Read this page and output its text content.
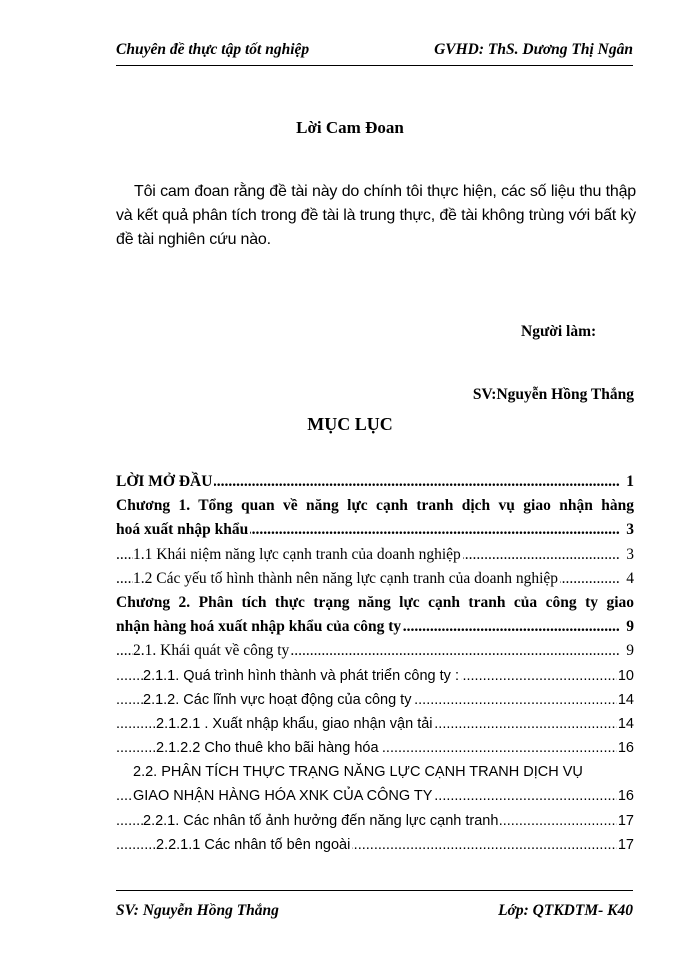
Chuyên đề thực tập tốt nghiệp	GVHD: ThS. Dương Thị Ngân
Lời Cam Đoan

Tôi cam đoan rằng đề tài này do chính tôi thực hiện, các số liệu thu thập và kết quả phân tích trong đề tài là trung thực, đề tài không trùng với bất kỳ đề tài nghiên cứu nào.

Người làm:
SV:Nguyễn Hồng Thắng
MỤC LỤC
.....
LỜI MỞ ĐẦU	1
Chương 1. Tổng quan về năng lực cạnh tranh dịch vụ giao nhận hàng
.....
hoá xuất nhập khẩu	3
.....
1.1 Khái niệm năng lực cạnh tranh của doanh nghiệp	3
.....
1.2 Các yếu tố hình thành nên năng lực cạnh tranh của doanh nghiệp	4
Chương 2. Phân tích thực trạng năng lực cạnh tranh của công ty giao
.....
nhận hàng hoá xuất nhập khẩu của công ty	9
.....
2.1. Khái quát về công ty	9
.....
2.1.1. Quá trình hình thành và phát triển công ty :	10
.....
2.1.2. Các lĩnh vực hoạt động của công ty	14
.....
2.1.2.1 . Xuất nhập khẩu, giao nhận vận tải	14
.....
2.1.2.2 Cho thuê kho bãi hàng hóa	16
2.2. PHÂN TÍCH THỰC TRẠNG NĂNG LỰC CẠNH TRANH DỊCH VỤ
.....
GIAO NHẬN HÀNG HÓA XNK CỦA CÔNG TY	16
.....
2.2.1. Các nhân tố ảnh hưởng đến năng lực cạnh tranh	17
.....
2.2.1.1 Các nhân tố bên ngoài	17
SV: Nguyễn Hồng Thắng	Lớp: QTKDTM- K40
